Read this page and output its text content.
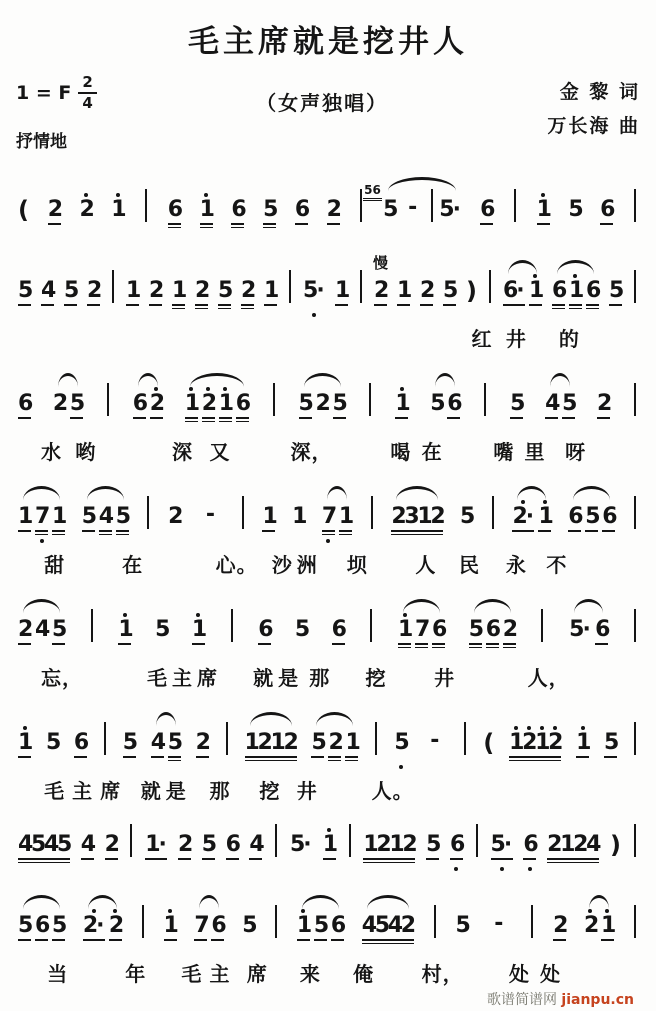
毛主席就是挖井人
1 = F $\frac{2}{4}$
抒情地
（女声独唱）	金 黎 词
万长海 曲
( 2 2 1 6 1 6 5 6 2
56
5 - 5
· 6 1 5 6
5 4 5 2 1 2 1 2 5 2 1 5
· 1
慢
2 1 2 5 ) 6
· 1 6 1 6 5
红 井 的
6 2 5 6 2 1 2 1 6 5 2 5 1 5 6 5 4 5 2
水 哟	深 又	深，	喝 在	嘴 里 呀
1 7 1 5 4 5 2 - 1 1 7 1 2
3
1
2 5 2
· 1 6 5 6
甜	在	心。 沙 洲 坝 人 民 永 不
2 4 5 1 5 1 6 5 6 1 7 6 5 6 2 5
· 6
忘，	毛 主 席 就 是 那 挖 井	人，
1 5 6 5 4 5 2 1
2
1
2 5 2 1 5 - ( 1
2
1
2 1 5
毛 主 席 就 是 那 挖 井	人。
4
5
4
5 4 2 1
· 2 5 6 4 5
· 1 1
2
1
2 5 6 5
· 6 2
1
2
4 )
5 6 5 2
· 2 1 7 6 5 1 5 6 4
5
4
2 5 - 2 2 1
当	年 毛 主 席 来 俺 村， 处 处
歌谱简谱网 jianpu.cn
